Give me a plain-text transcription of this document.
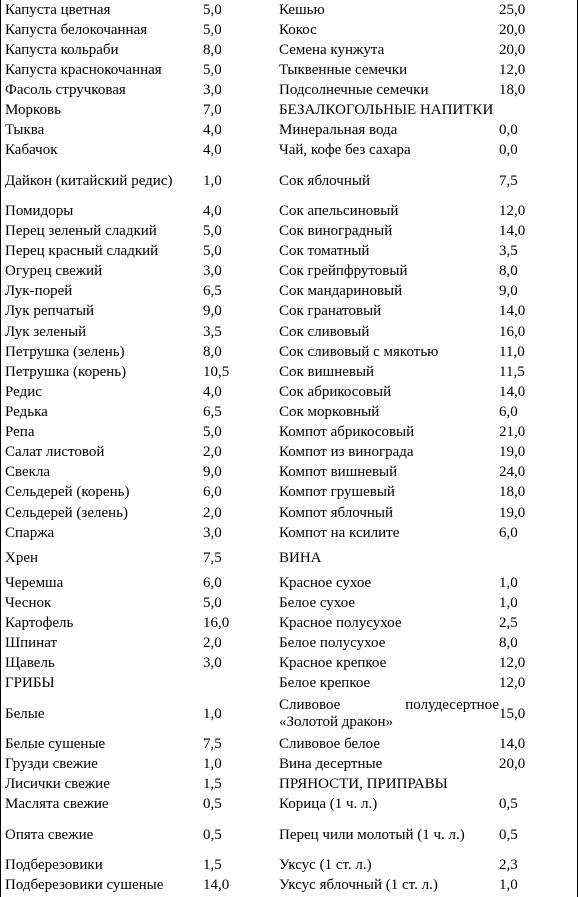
Капуста цветная	5,0	Кешью	25,0
Капуста белокочанная	5,0	Кокос	20,0
Капуста кольраби	8,0	Семена кунжута	20,0
Капуста краснокочанная	5,0	Тыквенные семечки	12,0
Фасоль стручковая	3,0	Подсолнечные семечки	18,0
Морковь	7,0	БЕЗАЛКОГОЛЬНЫЕ НАПИТКИ	
Тыква	4,0	Минеральная вода	0,0
Кабачок	4,0	Чай, кофе без сахара	0,0
Дайкон (китайский редис)	1,0	Сок яблочный	7,5
Помидоры	4,0	Сок апельсиновый	12,0
Перец зеленый сладкий	5,0	Сок виноградный	14,0
Перец красный сладкий	5,0	Сок томатный	3,5
Огурец свежий	3,0	Сок грейпфрутовый	8,0
Лук-порей	6,5	Сок мандариновый	9,0
Лук репчатый	9,0	Сок гранатовый	14,0
Лук зеленый	3,5	Сок сливовый	16,0
Петрушка (зелень)	8,0	Сок сливовый с мякотью	11,0
Петрушка (корень)	10,5	Сок вишневый	11,5
Редис	4,0	Сок абрикосовый	14,0
Редька	6,5	Сок морковный	6,0
Репа	5,0	Компот абрикосовый	21,0
Салат листовой	2,0	Компот из винограда	19,0
Свекла	9,0	Компот вишневый	24,0
Сельдерей (корень)	6,0	Компот грушевый	18,0
Сельдерей (зелень)	2,0	Компот яблочный	19,0
Спаржа	3,0	Компот на ксилите	6,0
Хрен	7,5	ВИНА	
Черемша	6,0	Красное сухое	1,0
Чеснок	5,0	Белое сухое	1,0
Картофель	16,0	Красное полусухое	2,5
Шпинат	2,0	Белое полусухое	8,0
Щавель	3,0	Красное крепкое	12,0
ГРИБЫ		Белое крепкое	12,0
Белые	1,0	Сливовое полудесертное «Золотой дракон»	15,0
Белые сушеные	7,5	Сливовое белое	14,0
Грузди свежие	1,0	Вина десертные	20,0
Лисички свежие	1,5	ПРЯНОСТИ, ПРИПРАВЫ	
Маслята свежие	0,5	Корица (1 ч. л.)	0,5
Опята свежие	0,5	Перец чили молотый (1 ч. л.)	0,5
Подберезовики	1,5	Уксус (1 ст. л.)	2,3
Подберезовики сушеные	14,0	Уксус яблочный (1 ст. л.)	1,0
